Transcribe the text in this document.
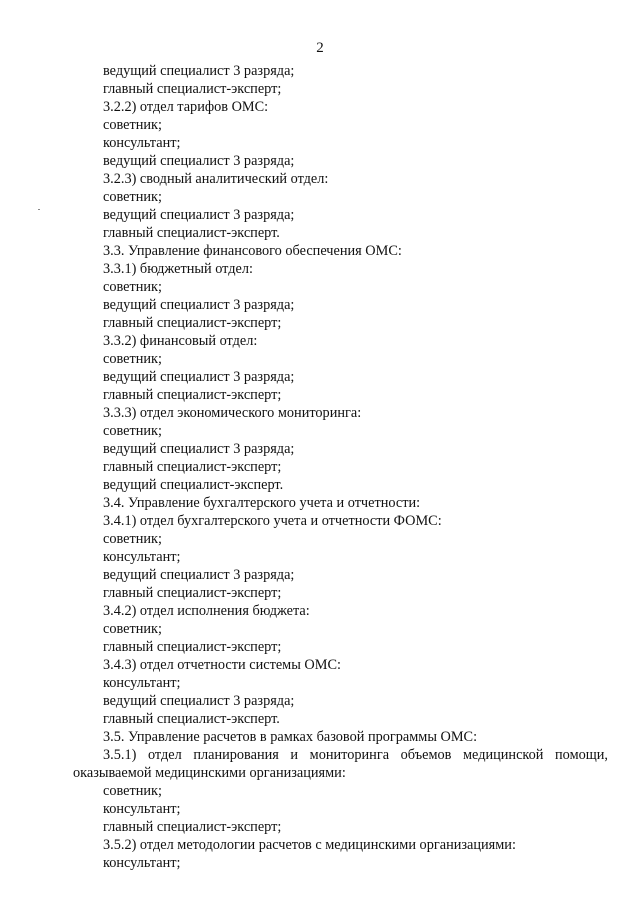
2
ведущий специалист 3 разряда;
главный специалист-эксперт;
3.2.2) отдел тарифов ОМС:
советник;
консультант;
ведущий специалист 3 разряда;
3.2.3) сводный аналитический отдел:
советник;
ведущий специалист 3 разряда;
главный специалист-эксперт.
3.3. Управление финансового обеспечения ОМС:
3.3.1) бюджетный отдел:
советник;
ведущий специалист 3 разряда;
главный специалист-эксперт;
3.3.2) финансовый отдел:
советник;
ведущий специалист 3 разряда;
главный специалист-эксперт;
3.3.3) отдел экономического мониторинга:
советник;
ведущий специалист 3 разряда;
главный специалист-эксперт;
ведущий специалист-эксперт.
3.4. Управление бухгалтерского учета и отчетности:
3.4.1) отдел бухгалтерского учета и отчетности ФОМС:
советник;
консультант;
ведущий специалист 3 разряда;
главный специалист-эксперт;
3.4.2) отдел исполнения бюджета:
советник;
главный специалист-эксперт;
3.4.3) отдел отчетности системы ОМС:
консультант;
ведущий специалист 3 разряда;
главный специалист-эксперт.
3.5. Управление расчетов в рамках базовой программы ОМС:
3.5.1) отдел планирования и мониторинга объемов медицинской помощи,
оказываемой медицинскими организациями:
советник;
консультант;
главный специалист-эксперт;
3.5.2) отдел методологии расчетов с медицинскими организациями:
консультант;
